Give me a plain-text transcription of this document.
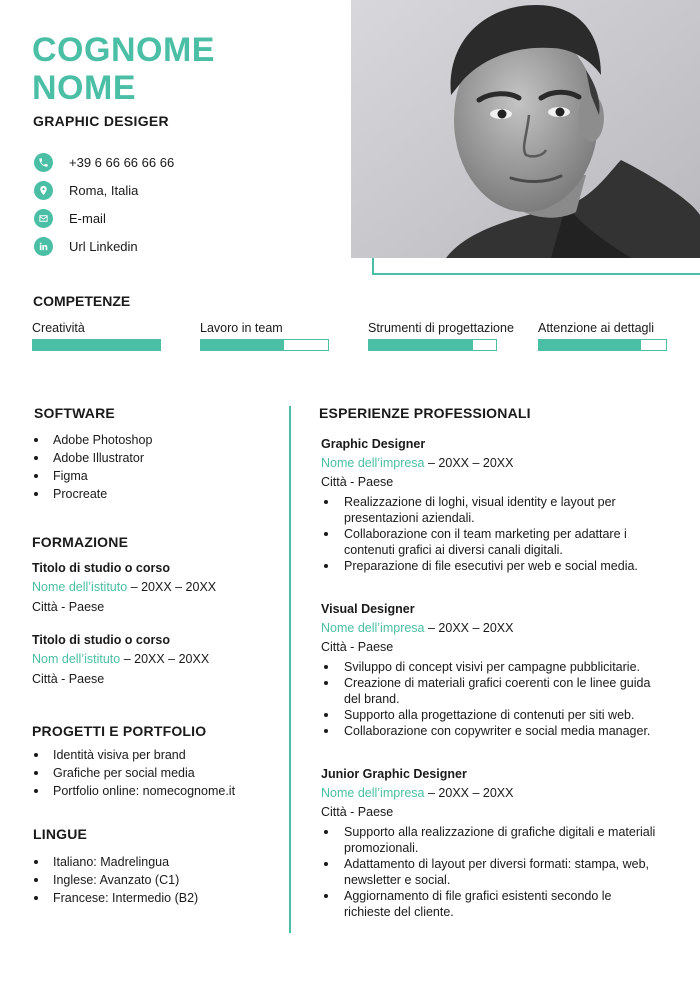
COGNOME
NOME
GRAPHIC DESIGER
+39 6 66 66 66 66
Roma, Italia
E-mail
Url Linkedin
COMPETENZE
Creatività	Lavoro in team	Strumenti di progettazione	Attenzione ai dettagli
SOFTWARE
Adobe Photoshop
Adobe Illustrator
Figma
Procreate
FORMAZIONE
Titolo di studio o corso
Nome dell’istituto – 20XX – 20XX
Città - Paese
Titolo di studio o corso
Nom dell’istituto – 20XX – 20XX
Città - Paese
PROGETTI E PORTFOLIO
Identità visiva per brand
Grafiche per social media
Portfolio online: nomecognome.it
LINGUE
Italiano: Madrelingua
Inglese: Avanzato (C1)
Francese: Intermedio (B2)
ESPERIENZE PROFESSIONALI
Graphic Designer
Nome dell’impresa – 20XX – 20XX
Città - Paese
Realizzazione di loghi, visual identity e layout per presentazioni aziendali.
Collaborazione con il team marketing per adattare i contenuti grafici ai diversi canali digitali.
Preparazione di file esecutivi per web e social media.
Visual Designer
Nome dell’impresa – 20XX – 20XX
Città - Paese
Sviluppo di concept visivi per campagne pubblicitarie.
Creazione di materiali grafici coerenti con le linee guida del brand.
Supporto alla progettazione di contenuti per siti web.
Collaborazione con copywriter e social media manager.
Junior Graphic Designer
Nome dell’impresa – 20XX – 20XX
Città - Paese
Supporto alla realizzazione di grafiche digitali e materiali promozionali.
Adattamento di layout per diversi formati: stampa, web, newsletter e social.
Aggiornamento di file grafici esistenti secondo le richieste del cliente.
